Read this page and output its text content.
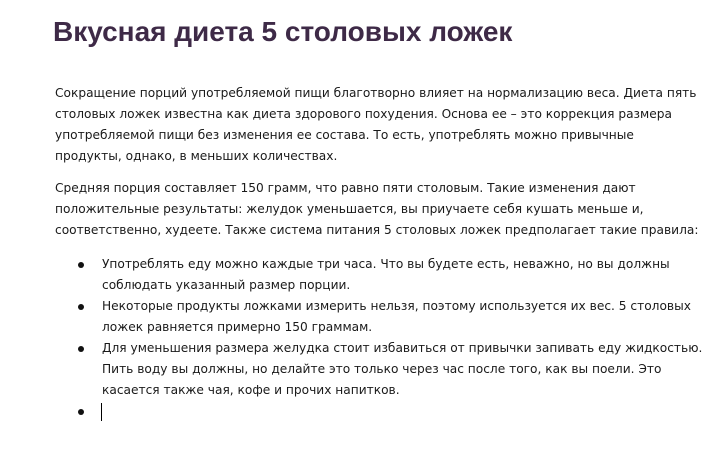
Вкусная диета 5 столовых ложек

Сокращение порций употребляемой пищи благотворно влияет на нормализацию веса. Диета пять
столовых ложек известна как диета здорового похудения. Основа ее – это коррекция размера
употребляемой пищи без изменения ее состава. То есть, употреблять можно привычные
продукты, однако, в меньших количествах.

Средняя порция составляет 150 грамм, что равно пяти столовым. Такие изменения дают
положительные результаты: желудок уменьшается, вы приучаете себя кушать меньше и,
соответственно, худеете. Также система питания 5 столовых ложек предполагает такие правила:

Употреблять еду можно каждые три часа. Что вы будете есть, неважно, но вы должны
соблюдать указанный размер порции.
Некоторые продукты ложками измерить нельзя, поэтому используется их вес. 5 столовых
ложек равняется примерно 150 граммам.
Для уменьшения размера желудка стоит избавиться от привычки запивать еду жидкостью.
Пить воду вы должны, но делайте это только через час после того, как вы поели. Это
касается также чая, кофе и прочих напитков.
